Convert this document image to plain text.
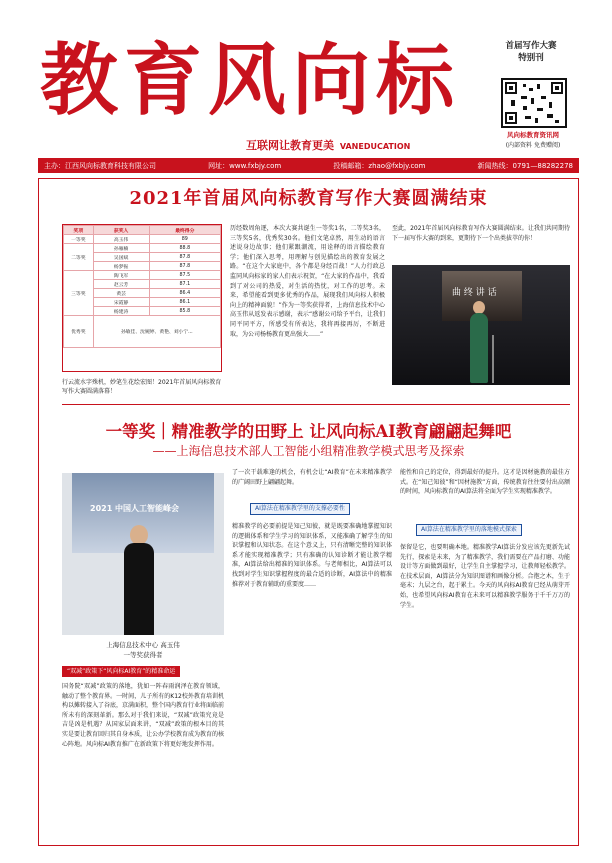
教育风向标
互联网让教育更美 VANEDUCATION
首届写作大赛
特别刊
风向标教育资讯网
(内部资料 免费赠阅)
主办：江西风向标教育科技有限公司	网址：www.fxbjy.com	投稿邮箱：zhao@fxbjy.com	新闻热线：0791—88282278
2021年首届风向标教育写作大赛圆满结束
奖项	获奖人	最终得分
一等奖	高玉伟	89
二等奖	孙雁楠	88.8
	吴国斌	87.8
	杨梦振	87.8
三等奖	陶飞军	87.5
	赵云芳	87.1
	黄芸	86.4
	宋霞静	86.1
	杨建涛	85.8
优秀奖	孙敏佳、沈婉婷、黄艳、刘小宁...	
行云流水字殊机，妙笔生花绘宏图！2021年首届风向标教育写作大赛圆满落幕！
历经数周角逐，本次大赛共诞生一等奖1名，二等奖3名，三等奖5名，优秀奖30名。他们文笔卓然，用生动的语言述说身边故事；他们紧跟潮流，用诠释的语言描绘教育学；他们深入思考，用理解与创见描绘出的教育发展之路。“在这个大家庭中，各个都是身经百战！”人力行政总监同风向标家的家人们表示祝贺，“在大家的作品中，我看到了对公司的热爱，对生活的热忱，对工作的思考。未来，希望能看到更多优秀的作品，展现我们风向标人积极向上的精神面貌！”作为一等奖获得者，上海信息技术中心高玉伟从返发表示感谢，表示“感谢公司给予平台，让我们同平同平方，所感受有所表达，我将再接再厉，不断进取，为公司杨杨教育更出强大……”
至此，2021年首届风向标教育写作大赛圆满结束。让我们共同期待下一届写作大赛的到来，更期待下一个出类拔萃的你！
曲 终 讲 话
一等奖｜精准教学的田野上 让风向标AI教育翩翩起舞吧
——上海信息技术部人工智能小组精准教学模式思考及探索
2021 中国人工智能峰会
上海信息技术中心 高玉伟
一等奖获得者
“双减”政策下“风向标AI教育”的精准命运
国务院“双减”政策的落地，犹如一阵春雨润泽在教育领域，触动了整个教育界。一时间，儿子所有的K12校外教育培训机构以摊转接入了谷底，京满面积，整个国内教育行业将面临前所未有的深刻革新。那么对于我们来说，“双减”政策究竟是吉是凶是机遇？从国家层面来讲，“双减”政策的根本目的其实是要让教育回归其自身本质，让公办学校教育成为教育的核心阵地。风向标AI教育推广在新政策下将更好地发挥作用。
了一次干载难逢的机会，有机会让“AI教育”在未来精准教学的广阔田野上翩翩起舞。
AI算法在精准教学里的支撑必要性
精准教学的必要前提是知己知彼，就是既要准确地掌握知识的逻辑体系和学生学习的知识体系，又能准确了解学生的知识掌握和认知状态。在这个意义上，只有清晰完整的知识体系才能实现精准教学；只有准确的认知诊断才能让教学精准，AI算法给出精准的知识体系。与老师相比，AI算法可以找到对学生知识掌握程度的最合适的诊断，AI算法中的精准推荐对于教育辅助的重要度……
能性和自己的定位，得到最好的提升。这才是因材施教的最佳方式。在“知己知彼”和“因材施教”方面，传统教育往往要付出高额的时间，风向标教育的AI算法将全面为学生实现精准教学。
AI算法在精准教学里的落地模式探索
保留是它，也要明确本地。精准教学AI算法分发应该先更新先试先行，探索是未来，为了精准教学，我们需要在产品打磨、功能设计等方面做到最好，让学生自主掌握学习，让教师轻松教学。在技术层面，AI算法分为知识图谱和画像分析。合抱之木，生于毫末；九层之台，起于累土。今天的风向标AI教育已经从萌芽开始，也希望风向标AI教育在未来可以精准教学服务于千千万万的学生。
